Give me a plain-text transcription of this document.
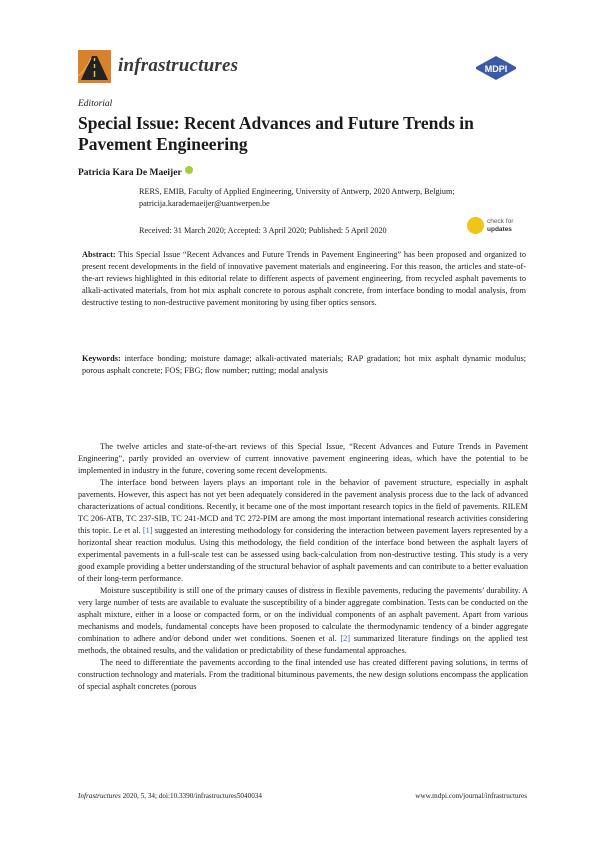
infrastructures	MDPI
Editorial
Special Issue: Recent Advances and Future Trends in Pavement Engineering
Patricia Kara De Maeijer
RERS, EMIB, Faculty of Applied Engineering, University of Antwerp, 2020 Antwerp, Belgium;
patricija.karademaeijer@uantwerpen.be
Received: 31 March 2020; Accepted: 3 April 2020; Published: 5 April 2020
check for
updates
Abstract: This Special Issue “Recent Advances and Future Trends in Pavement Engineering” has been proposed and organized to present recent developments in the field of innovative pavement materials and engineering. For this reason, the articles and state-of-the-art reviews highlighted in this editorial relate to different aspects of pavement engineering, from recycled asphalt pavements to alkali-activated materials, from hot mix asphalt concrete to porous asphalt concrete, from interface bonding to modal analysis, from destructive testing to non-destructive pavement monitoring by using fiber optics sensors.
Keywords: interface bonding; moisture damage; alkali-activated materials; RAP gradation; hot mix asphalt dynamic modulus; porous asphalt concrete; FOS; FBG; flow number; rutting; modal analysis

The twelve articles and state-of-the-art reviews of this Special Issue, “Recent Advances and Future Trends in Pavement Engineering”, partly provided an overview of current innovative pavement engineering ideas, which have the potential to be implemented in industry in the future, covering some recent developments.

The interface bond between layers plays an important role in the behavior of pavement structure, especially in asphalt pavements. However, this aspect has not yet been adequately considered in the pavement analysis process due to the lack of advanced characterizations of actual conditions. Recently, it became one of the most important research topics in the field of pavements. RILEM TC 206-ATB, TC 237-SIB, TC 241-MCD and TC 272-PIM are among the most important international research activities considering this topic. Le et al. [1] suggested an interesting methodology for considering the interaction between pavement layers represented by a horizontal shear reaction modulus. Using this methodology, the field condition of the interface bond between the asphalt layers of experimental pavements in a full-scale test can be assessed using back-calculation from non-destructive testing. This study is a very good example providing a better understanding of the structural behavior of asphalt pavements and can contribute to a better evaluation of their long-term performance.

Moisture susceptibility is still one of the primary causes of distress in flexible pavements, reducing the pavements’ durability. A very large number of tests are available to evaluate the susceptibility of a binder aggregate combination. Tests can be conducted on the asphalt mixture, either in a loose or compacted form, or on the individual components of an asphalt pavement. Apart from various mechanisms and models, fundamental concepts have been proposed to calculate the thermodynamic tendency of a binder aggregate combination to adhere and/or debond under wet conditions. Soenen et al. [2] summarized literature findings on the applied test methods, the obtained results, and the validation or predictability of these fundamental approaches.

The need to differentiate the pavements according to the final intended use has created different paving solutions, in terms of construction technology and materials. From the traditional bituminous pavements, the new design solutions encompass the application of special asphalt concretes (porous

Infrastructures 2020, 5, 34; doi:10.3390/infrastructures5040034	www.mdpi.com/journal/infrastructures
